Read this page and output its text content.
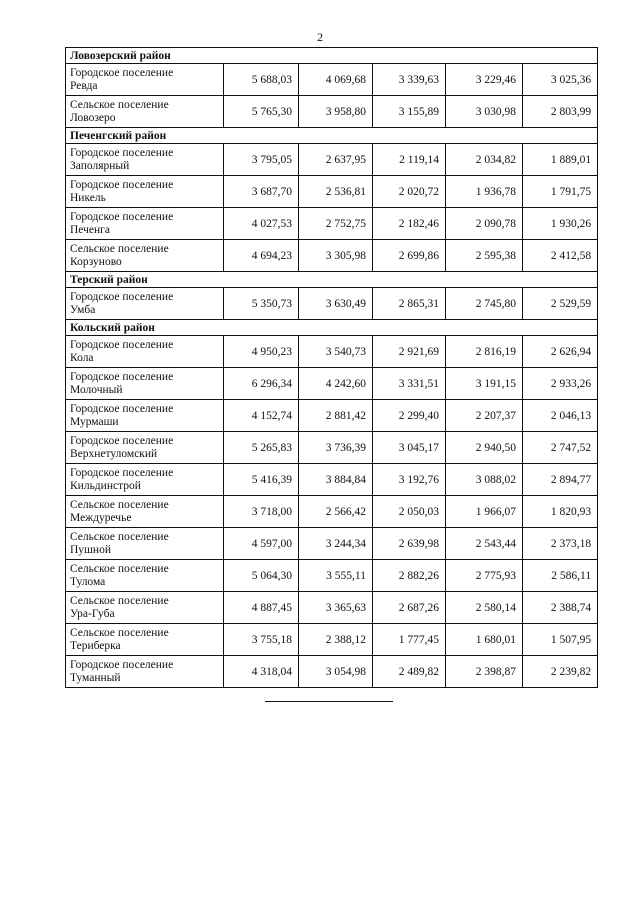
2
Ловозерский район					

Городское поселение
Ревда	5 688,03	4 069,68	3 339,63	3 229,46	3 025,36

Сельское поселение
Ловозеро	5 765,30	3 958,80	3 155,89	3 030,98	2 803,99
Печенгский район					

Городское поселение
Заполярный	3 795,05	2 637,95	2 119,14	2 034,82	1 889,01

Городское поселение
Никель	3 687,70	2 536,81	2 020,72	1 936,78	1 791,75

Городское поселение
Печенга	4 027,53	2 752,75	2 182,46	2 090,78	1 930,26

Сельское поселение
Корзуново	4 694,23	3 305,98	2 699,86	2 595,38	2 412,58
Терский район					

Городское поселение
Умба	5 350,73	3 630,49	2 865,31	2 745,80	2 529,59
Кольский район					

Городское поселение
Кола	4 950,23	3 540,73	2 921,69	2 816,19	2 626,94

Городское поселение
Молочный	6 296,34	4 242,60	3 331,51	3 191,15	2 933,26

Городское поселение
Мурмаши	4 152,74	2 881,42	2 299,40	2 207,37	2 046,13

Городское поселение
Верхнетуломский	5 265,83	3 736,39	3 045,17	2 940,50	2 747,52

Городское поселение
Кильдинстрой	5 416,39	3 884,84	3 192,76	3 088,02	2 894,77

Сельское поселение
Междуречье	3 718,00	2 566,42	2 050,03	1 966,07	1 820,93

Сельское поселение
Пушной	4 597,00	3 244,34	2 639,98	2 543,44	2 373,18

Сельское поселение
Тулома	5 064,30	3 555,11	2 882,26	2 775,93	2 586,11

Сельское поселение
Ура-Губа	4 887,45	3 365,63	2 687,26	2 580,14	2 388,74

Сельское поселение
Териберка	3 755,18	2 388,12	1 777,45	1 680,01	1 507,95

Городское поселение
Туманный	4 318,04	3 054,98	2 489,82	2 398,87	2 239,82
